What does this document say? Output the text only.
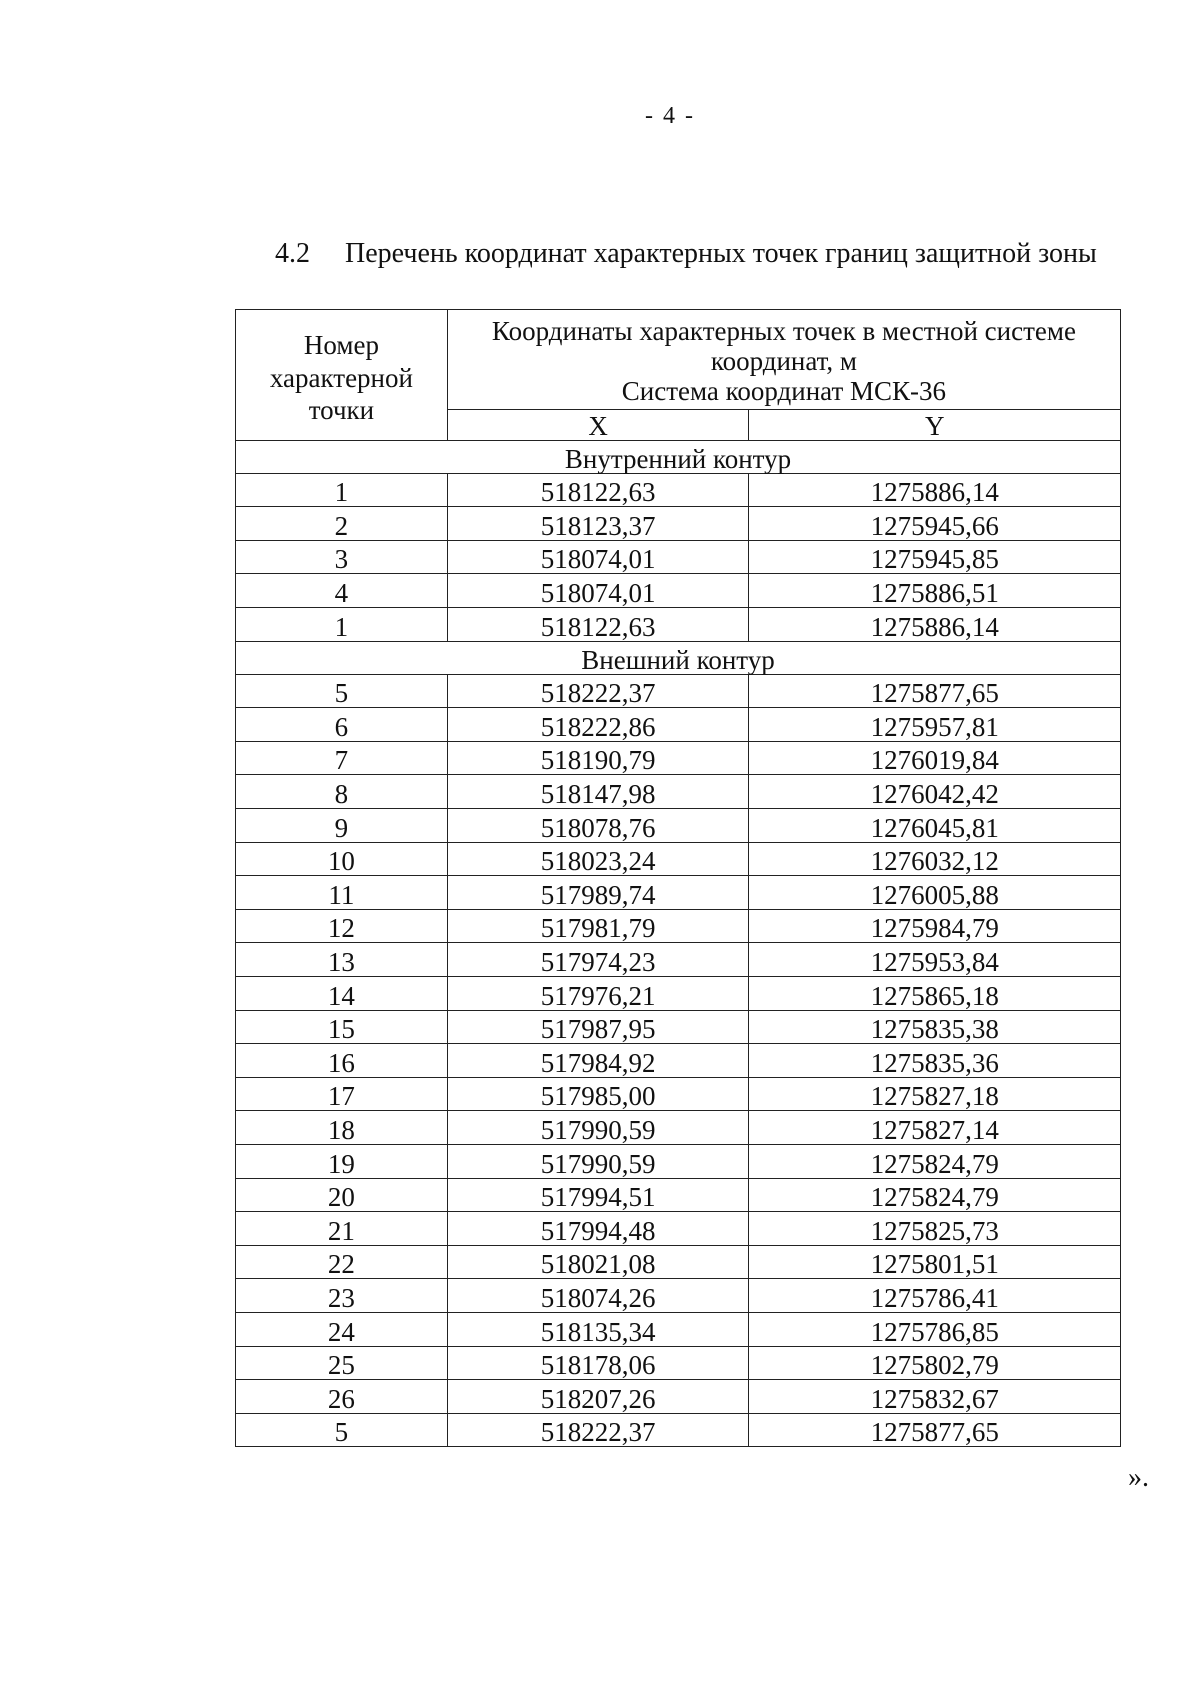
- 4 -
4.2 Перечень координат характерных точек границ защитной зоны
Номер характерной точки	Координаты характерных точек в местной системе координат, м
Система координат МСК-36	

	X	Y
Внутренний контур		
1	518122,63	1275886,14
2	518123,37	1275945,66
3	518074,01	1275945,85
4	518074,01	1275886,51
1	518122,63	1275886,14
Внешний контур		
5	518222,37	1275877,65
6	518222,86	1275957,81
7	518190,79	1276019,84
8	518147,98	1276042,42
9	518078,76	1276045,81
10	518023,24	1276032,12
11	517989,74	1276005,88
12	517981,79	1275984,79
13	517974,23	1275953,84
14	517976,21	1275865,18
15	517987,95	1275835,38
16	517984,92	1275835,36
17	517985,00	1275827,18
18	517990,59	1275827,14
19	517990,59	1275824,79
20	517994,51	1275824,79
21	517994,48	1275825,73
22	518021,08	1275801,51
23	518074,26	1275786,41
24	518135,34	1275786,85
25	518178,06	1275802,79
26	518207,26	1275832,67
5	518222,37	1275877,65
».
